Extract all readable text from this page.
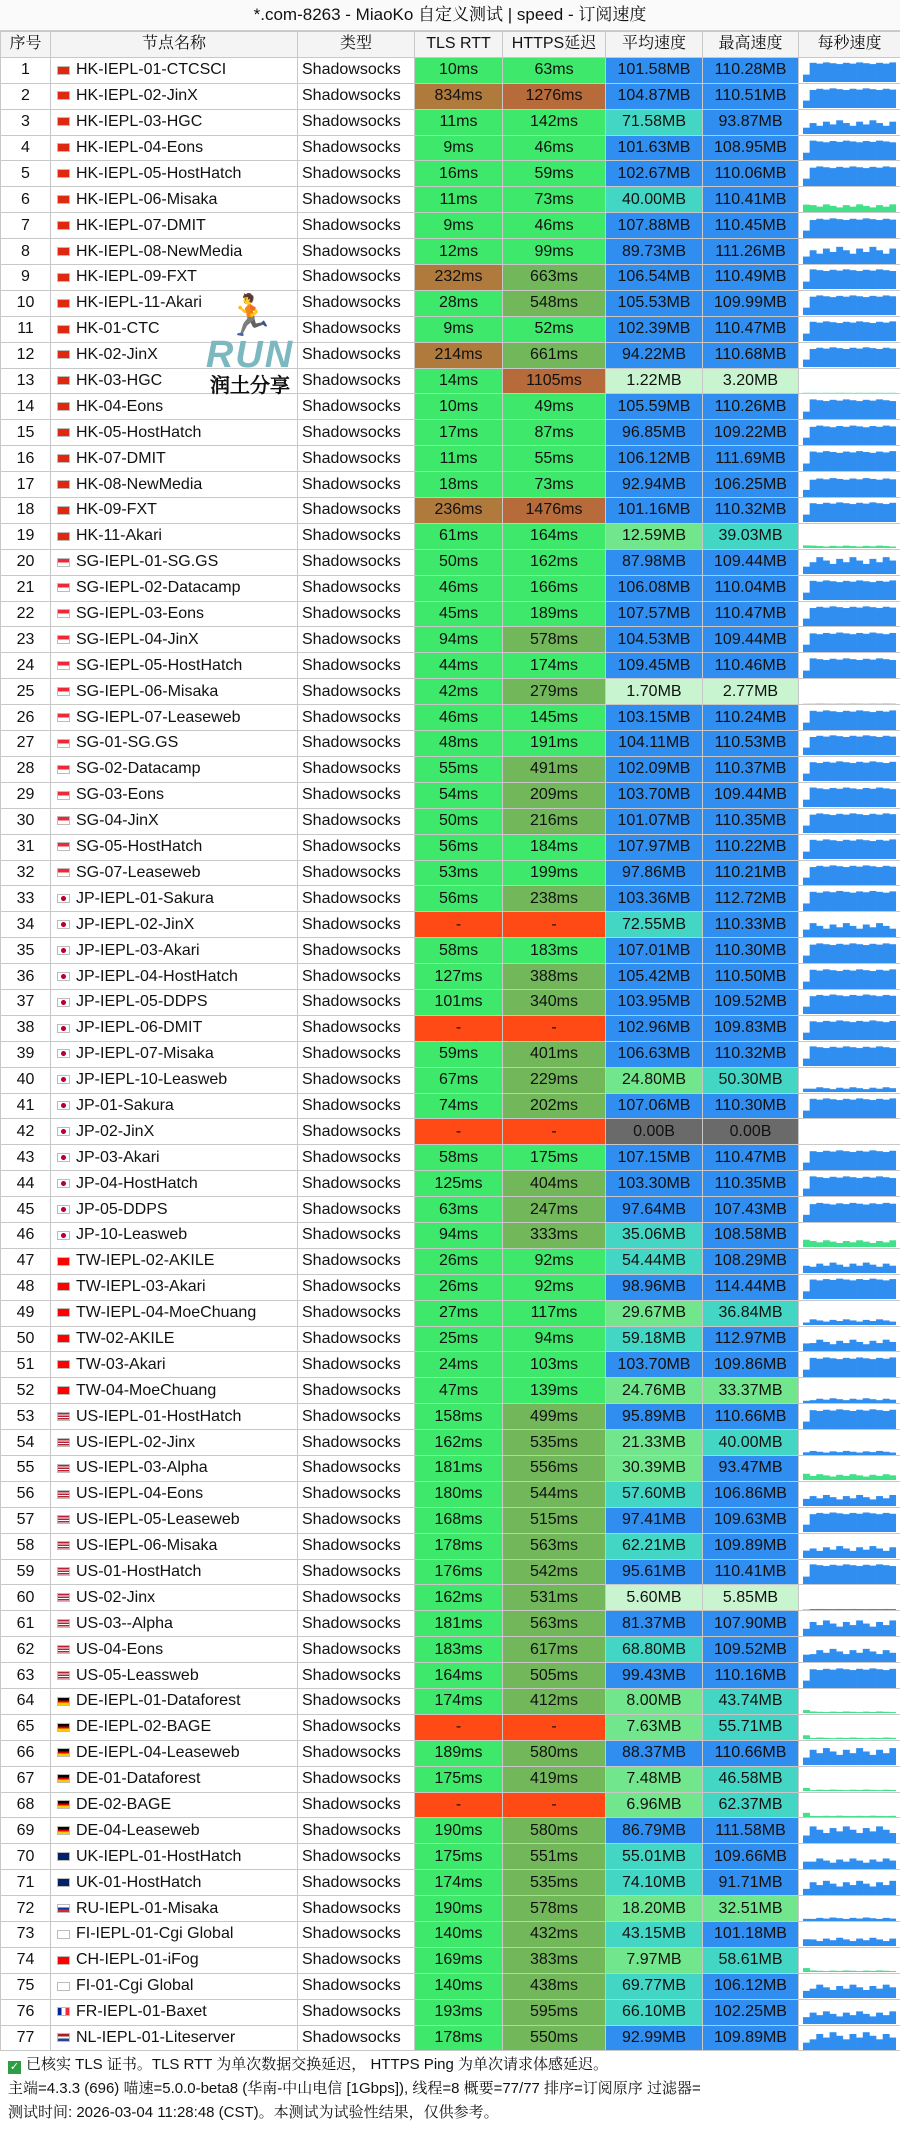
*.com-8263 - MiaoKo 自定义测试 | speed - 订阅速度
序号	节点名称	类型	TLS RTT	HTTPS延迟	平均速度	最高速度	每秒速度
1	HK-IEPL-01-CTCSCI	Shadowsocks	10ms	63ms	101.58MB	110.28MB	

2	HK-IEPL-02-JinX	Shadowsocks	834ms	1276ms	104.87MB	110.51MB	

3	HK-IEPL-03-HGC	Shadowsocks	11ms	142ms	71.58MB	93.87MB	

4	HK-IEPL-04-Eons	Shadowsocks	9ms	46ms	101.63MB	108.95MB	

5	HK-IEPL-05-HostHatch	Shadowsocks	16ms	59ms	102.67MB	110.06MB	

6	HK-IEPL-06-Misaka	Shadowsocks	11ms	73ms	40.00MB	110.41MB	

7	HK-IEPL-07-DMIT	Shadowsocks	9ms	46ms	107.88MB	110.45MB	

8	HK-IEPL-08-NewMedia	Shadowsocks	12ms	99ms	89.73MB	111.26MB	

9	HK-IEPL-09-FXT	Shadowsocks	232ms	663ms	106.54MB	110.49MB	

10	HK-IEPL-11-Akari	Shadowsocks	28ms	548ms	105.53MB	109.99MB	

11	HK-01-CTC	Shadowsocks	9ms	52ms	102.39MB	110.47MB	

12	HK-02-JinX	Shadowsocks	214ms	661ms	94.22MB	110.68MB	

13	HK-03-HGC	Shadowsocks	14ms	1105ms	1.22MB	3.20MB	

14	HK-04-Eons	Shadowsocks	10ms	49ms	105.59MB	110.26MB	

15	HK-05-HostHatch	Shadowsocks	17ms	87ms	96.85MB	109.22MB	

16	HK-07-DMIT	Shadowsocks	11ms	55ms	106.12MB	111.69MB	

17	HK-08-NewMedia	Shadowsocks	18ms	73ms	92.94MB	106.25MB	

18	HK-09-FXT	Shadowsocks	236ms	1476ms	101.16MB	110.32MB	

19	HK-11-Akari	Shadowsocks	61ms	164ms	12.59MB	39.03MB	

20	SG-IEPL-01-SG.GS	Shadowsocks	50ms	162ms	87.98MB	109.44MB	

21	SG-IEPL-02-Datacamp	Shadowsocks	46ms	166ms	106.08MB	110.04MB	

22	SG-IEPL-03-Eons	Shadowsocks	45ms	189ms	107.57MB	110.47MB	

23	SG-IEPL-04-JinX	Shadowsocks	94ms	578ms	104.53MB	109.44MB	

24	SG-IEPL-05-HostHatch	Shadowsocks	44ms	174ms	109.45MB	110.46MB	

25	SG-IEPL-06-Misaka	Shadowsocks	42ms	279ms	1.70MB	2.77MB	

26	SG-IEPL-07-Leaseweb	Shadowsocks	46ms	145ms	103.15MB	110.24MB	

27	SG-01-SG.GS	Shadowsocks	48ms	191ms	104.11MB	110.53MB	

28	SG-02-Datacamp	Shadowsocks	55ms	491ms	102.09MB	110.37MB	

29	SG-03-Eons	Shadowsocks	54ms	209ms	103.70MB	109.44MB	

30	SG-04-JinX	Shadowsocks	50ms	216ms	101.07MB	110.35MB	

31	SG-05-HostHatch	Shadowsocks	56ms	184ms	107.97MB	110.22MB	

32	SG-07-Leaseweb	Shadowsocks	53ms	199ms	97.86MB	110.21MB	

33	JP-IEPL-01-Sakura	Shadowsocks	56ms	238ms	103.36MB	112.72MB	

34	JP-IEPL-02-JinX	Shadowsocks	-	-	72.55MB	110.33MB	

35	JP-IEPL-03-Akari	Shadowsocks	58ms	183ms	107.01MB	110.30MB	

36	JP-IEPL-04-HostHatch	Shadowsocks	127ms	388ms	105.42MB	110.50MB	

37	JP-IEPL-05-DDPS	Shadowsocks	101ms	340ms	103.95MB	109.52MB	

38	JP-IEPL-06-DMIT	Shadowsocks	-	-	102.96MB	109.83MB	

39	JP-IEPL-07-Misaka	Shadowsocks	59ms	401ms	106.63MB	110.32MB	

40	JP-IEPL-10-Leasweb	Shadowsocks	67ms	229ms	24.80MB	50.30MB	

41	JP-01-Sakura	Shadowsocks	74ms	202ms	107.06MB	110.30MB	

42	JP-02-JinX	Shadowsocks	-	-	0.00B	0.00B	

43	JP-03-Akari	Shadowsocks	58ms	175ms	107.15MB	110.47MB	

44	JP-04-HostHatch	Shadowsocks	125ms	404ms	103.30MB	110.35MB	

45	JP-05-DDPS	Shadowsocks	63ms	247ms	97.64MB	107.43MB	

46	JP-10-Leasweb	Shadowsocks	94ms	333ms	35.06MB	108.58MB	

47	TW-IEPL-02-AKILE	Shadowsocks	26ms	92ms	54.44MB	108.29MB	

48	TW-IEPL-03-Akari	Shadowsocks	26ms	92ms	98.96MB	114.44MB	

49	TW-IEPL-04-MoeChuang	Shadowsocks	27ms	117ms	29.67MB	36.84MB	

50	TW-02-AKILE	Shadowsocks	25ms	94ms	59.18MB	112.97MB	

51	TW-03-Akari	Shadowsocks	24ms	103ms	103.70MB	109.86MB	

52	TW-04-MoeChuang	Shadowsocks	47ms	139ms	24.76MB	33.37MB	

53	US-IEPL-01-HostHatch	Shadowsocks	158ms	499ms	95.89MB	110.66MB	

54	US-IEPL-02-Jinx	Shadowsocks	162ms	535ms	21.33MB	40.00MB	

55	US-IEPL-03-Alpha	Shadowsocks	181ms	556ms	30.39MB	93.47MB	

56	US-IEPL-04-Eons	Shadowsocks	180ms	544ms	57.60MB	106.86MB	

57	US-IEPL-05-Leaseweb	Shadowsocks	168ms	515ms	97.41MB	109.63MB	

58	US-IEPL-06-Misaka	Shadowsocks	178ms	563ms	62.21MB	109.89MB	

59	US-01-HostHatch	Shadowsocks	176ms	542ms	95.61MB	110.41MB	

60	US-02-Jinx	Shadowsocks	162ms	531ms	5.60MB	5.85MB	

61	US-03--Alpha	Shadowsocks	181ms	563ms	81.37MB	107.90MB	

62	US-04-Eons	Shadowsocks	183ms	617ms	68.80MB	109.52MB	

63	US-05-Leassweb	Shadowsocks	164ms	505ms	99.43MB	110.16MB	

64	DE-IEPL-01-Dataforest	Shadowsocks	174ms	412ms	8.00MB	43.74MB	

65	DE-IEPL-02-BAGE	Shadowsocks	-	-	7.63MB	55.71MB	

66	DE-IEPL-04-Leaseweb	Shadowsocks	189ms	580ms	88.37MB	110.66MB	

67	DE-01-Dataforest	Shadowsocks	175ms	419ms	7.48MB	46.58MB	

68	DE-02-BAGE	Shadowsocks	-	-	6.96MB	62.37MB	

69	DE-04-Leaseweb	Shadowsocks	190ms	580ms	86.79MB	111.58MB	

70	UK-IEPL-01-HostHatch	Shadowsocks	175ms	551ms	55.01MB	109.66MB	

71	UK-01-HostHatch	Shadowsocks	174ms	535ms	74.10MB	91.71MB	

72	RU-IEPL-01-Misaka	Shadowsocks	190ms	578ms	18.20MB	32.51MB	

73	FI-IEPL-01-Cgi Global	Shadowsocks	140ms	432ms	43.15MB	101.18MB	

74	CH-IEPL-01-iFog	Shadowsocks	169ms	383ms	7.97MB	58.61MB	

75	FI-01-Cgi Global	Shadowsocks	140ms	438ms	69.77MB	106.12MB	

76	FR-IEPL-01-Baxet	Shadowsocks	193ms	595ms	66.10MB	102.25MB	

77	NL-IEPL-01-Liteserver	Shadowsocks	178ms	550ms	92.99MB	109.89MB	
✓ 已核实 TLS 证书。TLS RTT 为单次数据交换延迟， HTTPS Ping 为单次请求体感延迟。
主端=4.3.3 (696) 喵速=5.0.0-beta8 (华南-中山电信 [1Gbps]), 线程=8 概要=77/77 排序=订阅原序 过滤器=
测试时间: 2026-03-04 11:28:48 (CST)。本测试为试验性结果，仅供参考。
🏃
RUN
润土分享
